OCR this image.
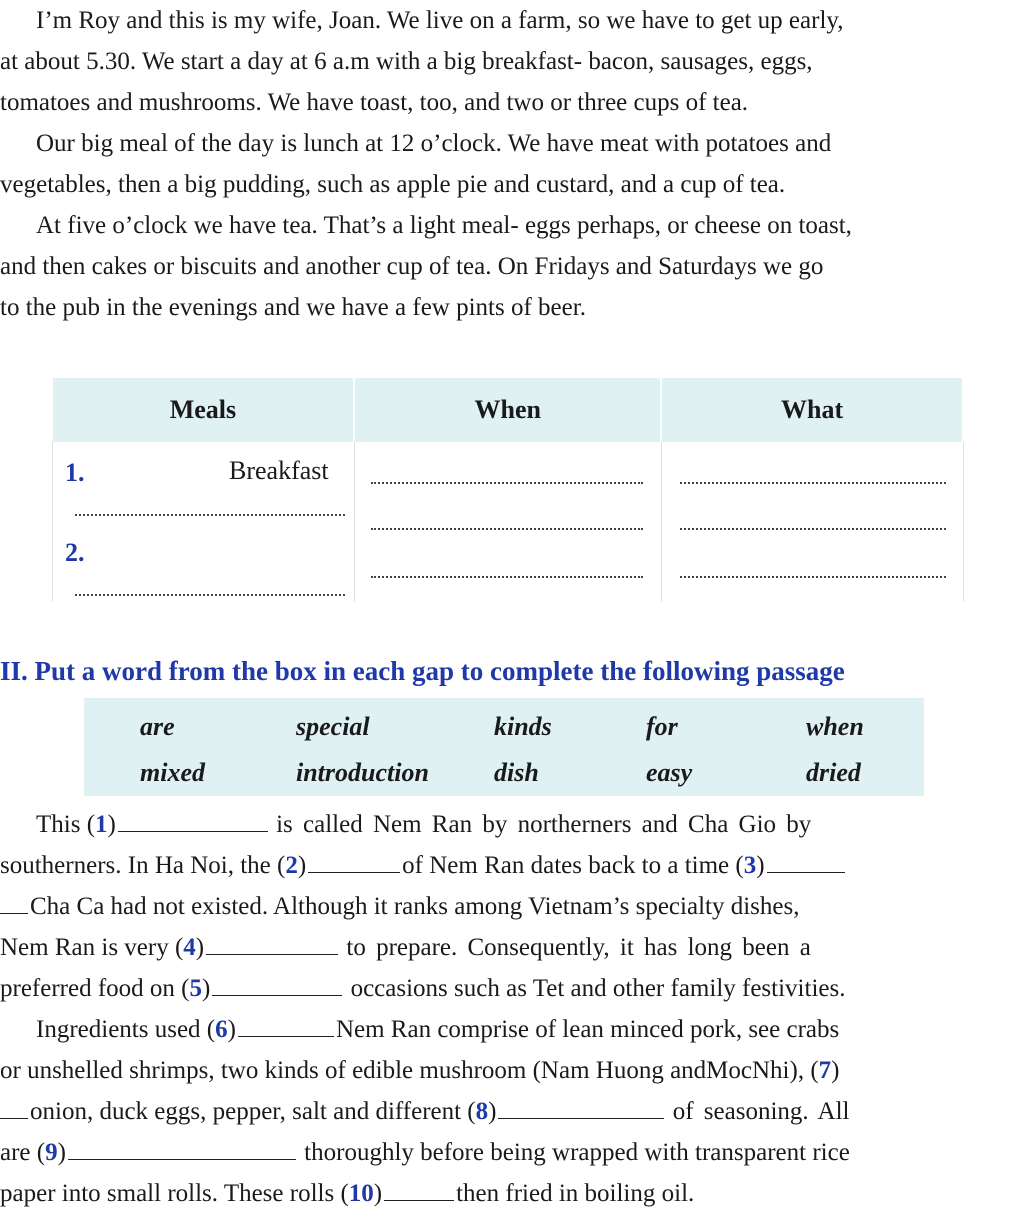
I’m Roy and this is my wife, Joan. We live on a farm, so we have to get up early,
at about 5.30. We start a day at 6 a.m with a big breakfast- bacon, sausages, eggs,
tomatoes and mushrooms. We have toast, too, and two or three cups of tea.
Our big meal of the day is lunch at 12 o’clock. We have meat with potatoes and
vegetables, then a big pudding, such as apple pie and custard, and a cup of tea.
At five o’clock we have tea. That’s a light meal- eggs perhaps, or cheese on toast,
and then cakes or biscuits and another cup of tea. On Fridays and Saturdays we go
to the pub in the evenings and we have a few pints of beer.
Meals	When	What

1. Breakfast
2.		

II. Put a word from the box in each gap to complete the following passage

are	special	kinds	for	when
mixed	introduction	dish	easy	dried
This (1)	is called Nem Ran by northerners and Cha Gio by
southerners. In Ha Noi, the (2)	of Nem Ran dates back to a time (3)
Cha Ca had not existed. Although it ranks among Vietnam’s specialty dishes,
Nem Ran is very (4)	to prepare. Consequently, it has long been a
preferred food on (5)	occasions such as Tet and other family festivities.
Ingredients used (6)	Nem Ran comprise of lean minced pork, see crabs
or unshelled shrimps, two kinds of edible mushroom (Nam Huong andMocNhi), (7)
onion, duck eggs, pepper, salt and different (8)	of seasoning. All
are (9)	thoroughly before being wrapped with transparent rice
paper into small rolls. These rolls (10)	then fried in boiling oil.
